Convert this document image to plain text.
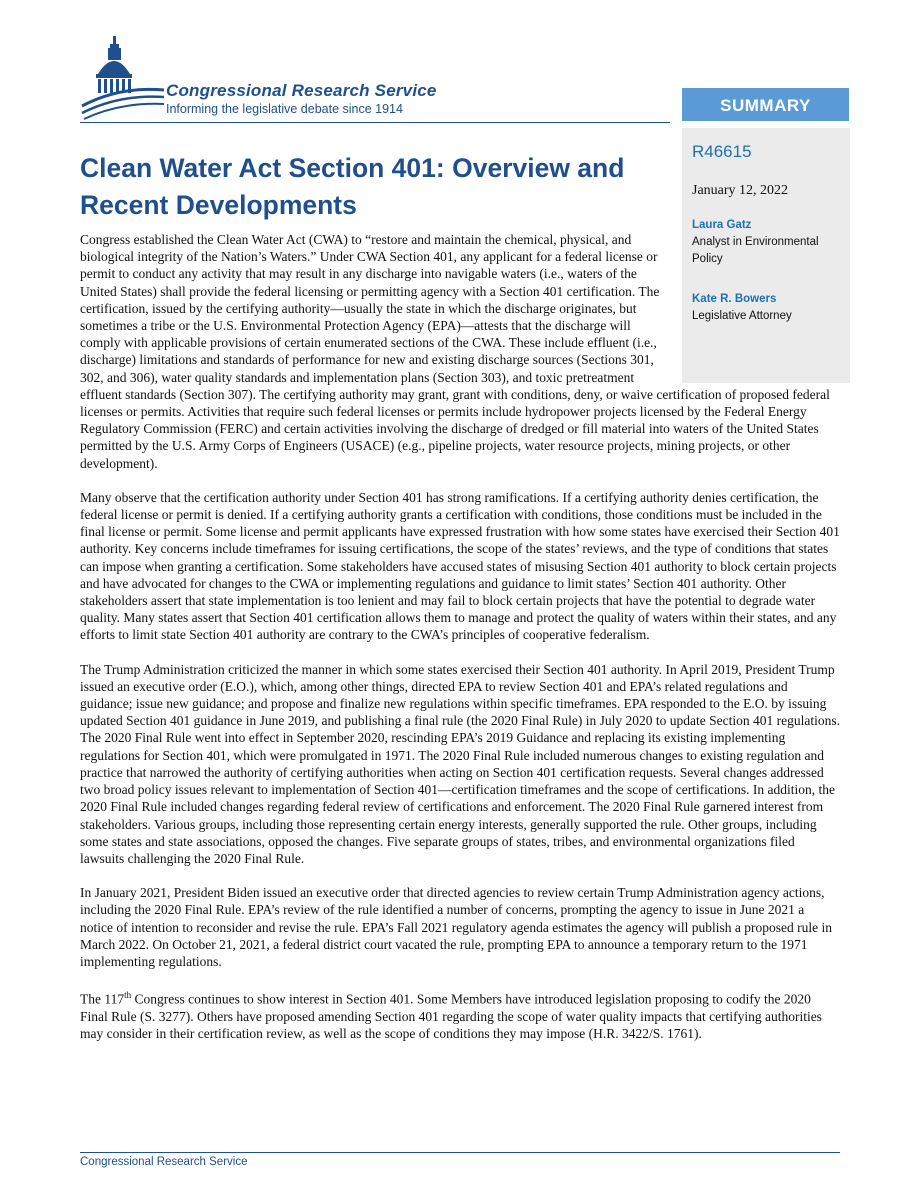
Congressional Research Service
Informing the legislative debate since 1914	SUMMARY
R46615
January 12, 2022
Laura Gatz
Analyst in Environmental Policy
Kate R. Bowers
Legislative Attorney
Clean Water Act Section 401: Overview and Recent Developments

Congress established the Clean Water Act (CWA) to “restore and maintain the chemical, physical, and biological integrity of the Nation’s Waters.” Under CWA Section 401, any applicant for a federal license or permit to conduct any activity that may result in any discharge into navigable waters (i.e., waters of the United States) shall provide the federal licensing or permitting agency with a Section 401 certification. The certification, issued by the certifying authority—usually the state in which the discharge originates, but sometimes a tribe or the U.S. Environmental Protection Agency (EPA)—attests that the discharge will comply with applicable provisions of certain enumerated sections of the CWA. These include effluent (i.e., discharge) limitations and standards of performance for new and existing discharge sources (Sections 301, 302, and 306), water quality standards and implementation plans (Section 303), and toxic pretreatment effluent standards (Section 307). The certifying authority may grant, grant with conditions, deny, or waive certification of proposed federal licenses or permits. Activities that require such federal licenses or permits include hydropower projects licensed by the Federal Energy Regulatory Commission (FERC) and certain activities involving the discharge of dredged or fill material into waters of the United States permitted by the U.S. Army Corps of Engineers (USACE) (e.g., pipeline projects, water resource projects, mining projects, or other development).

Many observe that the certification authority under Section 401 has strong ramifications. If a certifying authority denies certification, the federal license or permit is denied. If a certifying authority grants a certification with conditions, those conditions must be included in the final license or permit. Some license and permit applicants have expressed frustration with how some states have exercised their Section 401 authority. Key concerns include timeframes for issuing certifications, the scope of the states’ reviews, and the type of conditions that states can impose when granting a certification. Some stakeholders have accused states of misusing Section 401 authority to block certain projects and have advocated for changes to the CWA or implementing regulations and guidance to limit states’ Section 401 authority. Other stakeholders assert that state implementation is too lenient and may fail to block certain projects that have the potential to degrade water quality. Many states assert that Section 401 certification allows them to manage and protect the quality of waters within their states, and any efforts to limit state Section 401 authority are contrary to the CWA’s principles of cooperative federalism.

The Trump Administration criticized the manner in which some states exercised their Section 401 authority. In April 2019, President Trump issued an executive order (E.O.), which, among other things, directed EPA to review Section 401 and EPA’s related regulations and guidance; issue new guidance; and propose and finalize new regulations within specific timeframes. EPA responded to the E.O. by issuing updated Section 401 guidance in June 2019, and publishing a final rule (the 2020 Final Rule) in July 2020 to update Section 401 regulations. The 2020 Final Rule went into effect in September 2020, rescinding EPA’s 2019 Guidance and replacing its existing implementing regulations for Section 401, which were promulgated in 1971. The 2020 Final Rule included numerous changes to existing regulation and practice that narrowed the authority of certifying authorities when acting on Section 401 certification requests. Several changes addressed two broad policy issues relevant to implementation of Section 401—certification timeframes and the scope of certifications. In addition, the 2020 Final Rule included changes regarding federal review of certifications and enforcement. The 2020 Final Rule garnered interest from stakeholders. Various groups, including those representing certain energy interests, generally supported the rule. Other groups, including some states and state associations, opposed the changes. Five separate groups of states, tribes, and environmental organizations filed lawsuits challenging the 2020 Final Rule.

In January 2021, President Biden issued an executive order that directed agencies to review certain Trump Administration agency actions, including the 2020 Final Rule. EPA’s review of the rule identified a number of concerns, prompting the agency to issue in June 2021 a notice of intention to reconsider and revise the rule. EPA’s Fall 2021 regulatory agenda estimates the agency will publish a proposed rule in March 2022. On October 21, 2021, a federal district court vacated the rule, prompting EPA to announce a temporary return to the 1971 implementing regulations.

The 117th Congress continues to show interest in Section 401. Some Members have introduced legislation proposing to codify the 2020 Final Rule (S. 3277). Others have proposed amending Section 401 regarding the scope of water quality impacts that certifying authorities may consider in their certification review, as well as the scope of conditions they may impose (H.R. 3422/S. 1761).

Congressional Research Service
